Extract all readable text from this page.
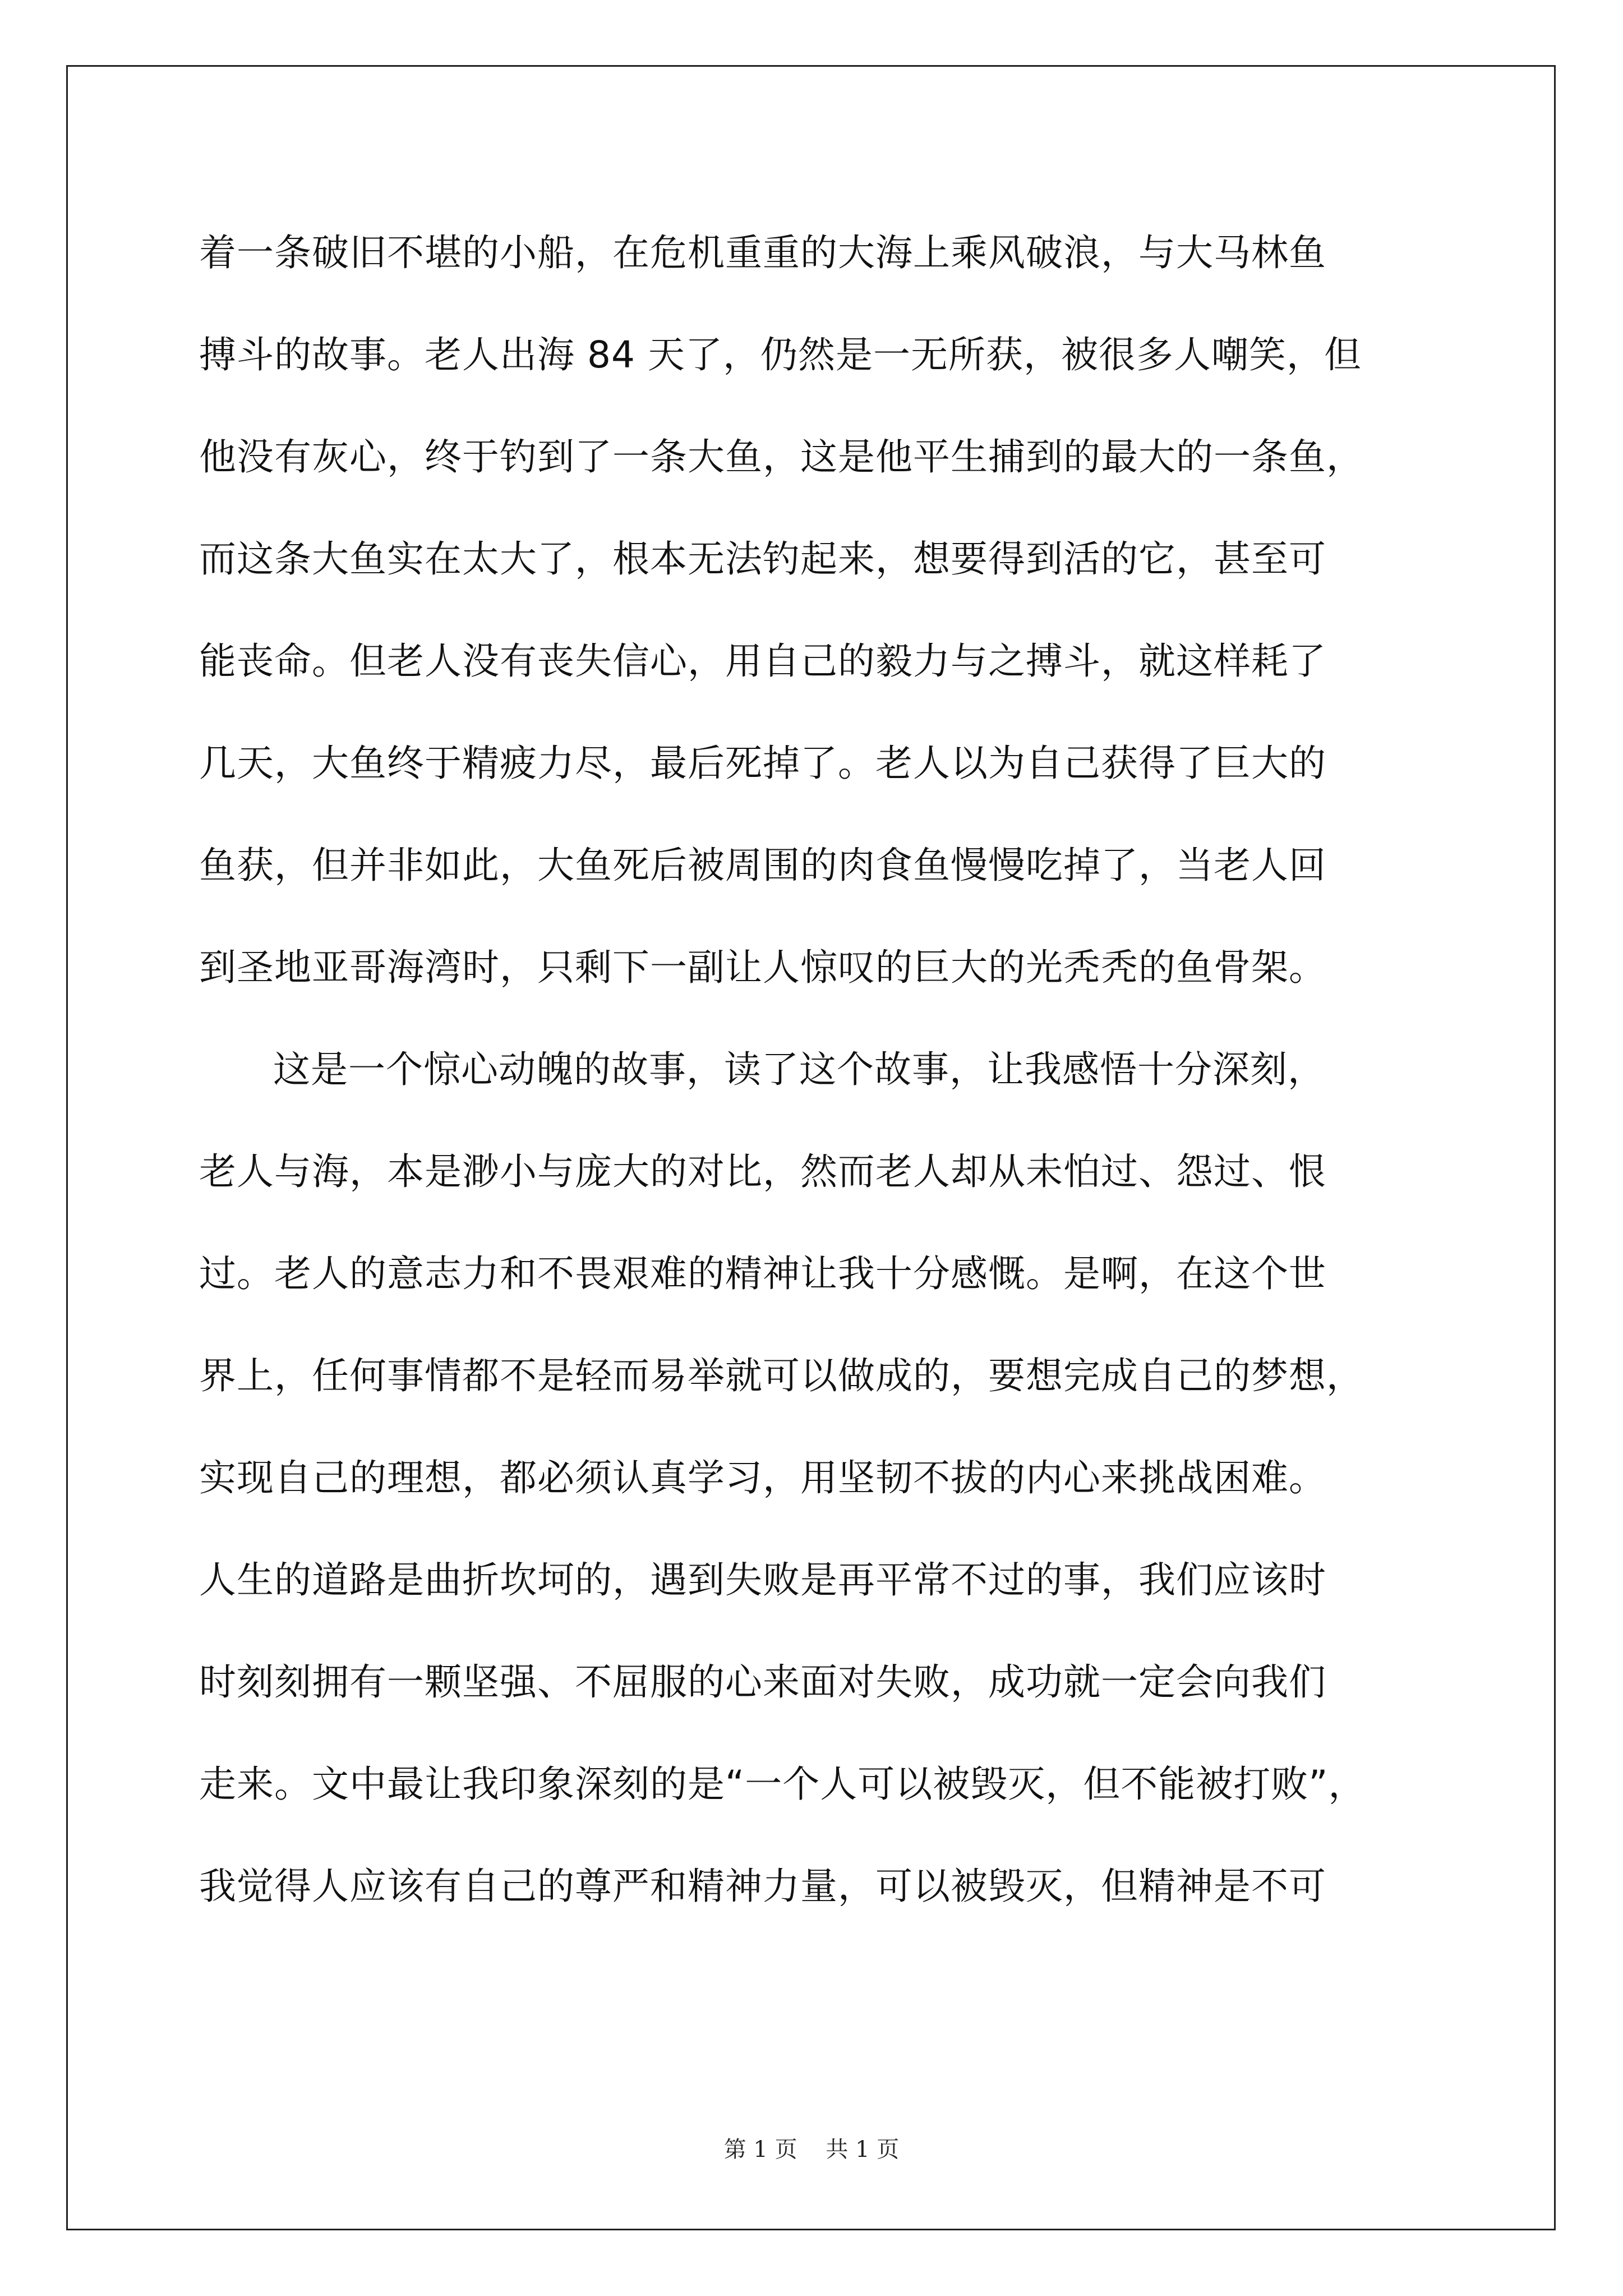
着一条破旧不堪的小船，在危机重重的大海上乘风破浪，与大马林鱼
搏斗的故事。老人出海 84 天了，仍然是一无所获，被很多人嘲笑，但
他没有灰心，终于钓到了一条大鱼，这是他平生捕到的最大的一条鱼，
而这条大鱼实在太大了，根本无法钓起来，想要得到活的它，甚至可
能丧命。但老人没有丧失信心，用自己的毅力与之搏斗，就这样耗了
几天，大鱼终于精疲力尽，最后死掉了。老人以为自己获得了巨大的
鱼获，但并非如此，大鱼死后被周围的肉食鱼慢慢吃掉了，当老人回
到圣地亚哥海湾时，只剩下一副让人惊叹的巨大的光秃秃的鱼骨架。
这是一个惊心动魄的故事，读了这个故事，让我感悟十分深刻，
老人与海，本是渺小与庞大的对比，然而老人却从未怕过、怨过、恨
过。老人的意志力和不畏艰难的精神让我十分感慨。是啊，在这个世
界上，任何事情都不是轻而易举就可以做成的，要想完成自己的梦想，
实现自己的理想，都必须认真学习，用坚韧不拔的内心来挑战困难。
人生的道路是曲折坎坷的，遇到失败是再平常不过的事，我们应该时
时刻刻拥有一颗坚强、不屈服的心来面对失败，成功就一定会向我们
走来。文中最让我印象深刻的是“一个人可以被毁灭，但不能被打败”，
我觉得人应该有自己的尊严和精神力量，可以被毁灭，但精神是不可
第 1 页    共 1 页
